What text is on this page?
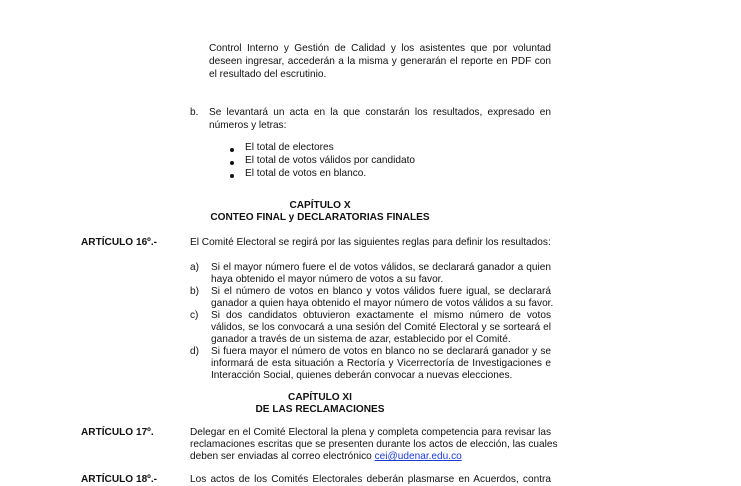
Control Interno y Gestión de Calidad y los asistentes que por voluntad
deseen ingresar, accederán a la misma y generarán el reporte en PDF con
el resultado del escrutinio.
b. Se levantará un acta en la que constarán los resultados, expresado en
números y letras:
El total de electores
El total de votos válidos por candidato
El total de votos en blanco.
CAPÍTULO X
CONTEO FINAL y DECLARATORIAS FINALES
ARTÍCULO 16º.-	El Comité Electoral se regirá por las siguientes reglas para definir los resultados:
a) Si el mayor número fuere el de votos válidos, se declarará ganador a quien
haya obtenido el mayor número de votos a su favor.
b) Si el número de votos en blanco y votos válidos fuere igual, se declarará
ganador a quien haya obtenido el mayor número de votos válidos a su favor.
c) Si dos candidatos obtuvieron exactamente el mismo número de votos
válidos, se los convocará a una sesión del Comité Electoral y se sorteará el
ganador a través de un sistema de azar, establecido por el Comité.
d) Si fuera mayor el número de votos en blanco no se declarará ganador y se
informará de esta situación a Rectoría y Vicerrectoría de Investigaciones e
Interacción Social, quienes deberán convocar a nuevas elecciones.
CAPÍTULO XI
DE LAS RECLAMACIONES
ARTÍCULO 17º.	Delegar en el Comité Electoral la plena y completa competencia para revisar las
reclamaciones escritas que se presenten durante los actos de elección, las cuales
deben ser enviadas al correo electrónico cei@udenar.edu.co
ARTÍCULO 18º.-	Los actos de los Comités Electorales deberán plasmarse en Acuerdos, contra
